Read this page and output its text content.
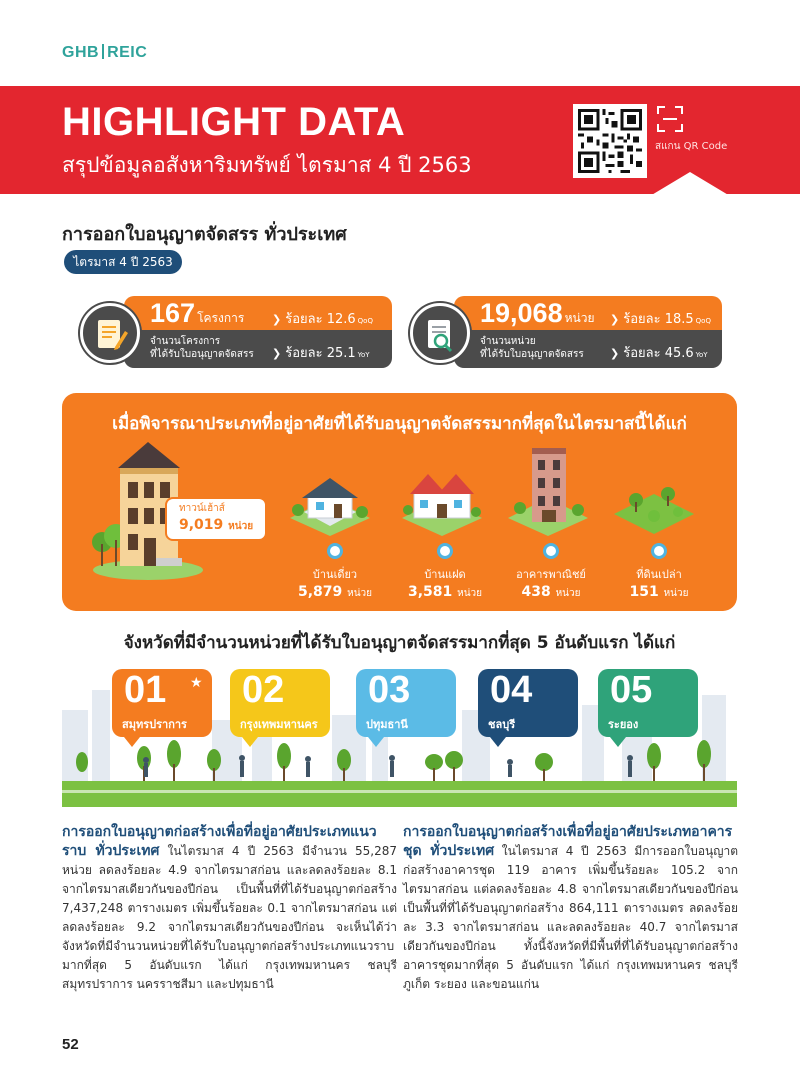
GHB REIC
HIGHLIGHT DATA
สรุปข้อมูลอสังหาริมทรัพย์ ไตรมาส 4 ปี 2563
สแกน QR Code
การออกใบอนุญาตจัดสรร ทั่วประเทศ
ไตรมาส 4 ปี 2563
167 โครงการ
จำนวนโครงการ
ที่ได้รับใบอนุญาตจัดสรร
❯ ร้อยละ 12.6 QoQ
❯ ร้อยละ 25.1 YoY
19,068 หน่วย
จำนวนหน่วย
ที่ได้รับใบอนุญาตจัดสรร
❯ ร้อยละ 18.5 QoQ
❯ ร้อยละ 45.6 YoY
เมื่อพิจารณาประเภทที่อยู่อาศัยที่ได้รับอนุญาตจัดสรรมากที่สุดในไตรมาสนี้ได้แก่
ทาวน์เฮ้าส์
9,019 หน่วย
บ้านเดี่ยว
5,879 หน่วย
บ้านแฝด
3,581 หน่วย
อาคารพาณิชย์
438 หน่วย
ที่ดินเปล่า
151 หน่วย
จังหวัดที่มีจำนวนหน่วยที่ได้รับใบอนุญาตจัดสรรมากที่สุด 5 อันดับแรก ได้แก่
01 ★
สมุทรปราการ
02
กรุงเทพมหานคร
03
ปทุมธานี
04
ชลบุรี
05
ระยอง
การออกใบอนุญาตก่อสร้างเพื่อที่อยู่อาศัยประเภทแนวราบ ทั่วประเทศ ในไตรมาส 4 ปี 2563 มีจำนวน 55,287 หน่วย ลดลงร้อยละ 4.9 จากไตรมาสก่อน และลดลงร้อยละ 8.1 จากไตรมาสเดียวกันของปีก่อน เป็นพื้นที่ที่ได้รับอนุญาตก่อสร้าง 7,437,248 ตารางเมตร เพิ่มขึ้นร้อยละ 0.1 จากไตรมาสก่อน แต่ลดลงร้อยละ 9.2 จากไตรมาสเดียวกันของปีก่อน จะเห็นได้ว่าจังหวัดที่มีจำนวนหน่วยที่ได้รับใบอนุญาตก่อสร้างประเภทแนวราบมากที่สุด 5 อันดับแรก ได้แก่ กรุงเทพมหานคร ชลบุรี สมุทรปราการ นครราชสีมา และปทุมธานี
การออกใบอนุญาตก่อสร้างเพื่อที่อยู่อาศัยประเภทอาคารชุด ทั่วประเทศ ในไตรมาส 4 ปี 2563 มีการออกใบอนุญาตก่อสร้างอาคารชุด 119 อาคาร เพิ่มขึ้นร้อยละ 105.2 จากไตรมาสก่อน แต่ลดลงร้อยละ 4.8 จากไตรมาสเดียวกันของปีก่อน เป็นพื้นที่ที่ได้รับอนุญาตก่อสร้าง 864,111 ตารางเมตร ลดลงร้อยละ 3.3 จากไตรมาสก่อน และลดลงร้อยละ 40.7 จากไตรมาสเดียวกันของปีก่อน ทั้งนี้จังหวัดที่มีพื้นที่ที่ได้รับอนุญาตก่อสร้างอาคารชุดมากที่สุด 5 อันดับแรก ได้แก่ กรุงเทพมหานคร ชลบุรี ภูเก็ต ระยอง และขอนแก่น
52
